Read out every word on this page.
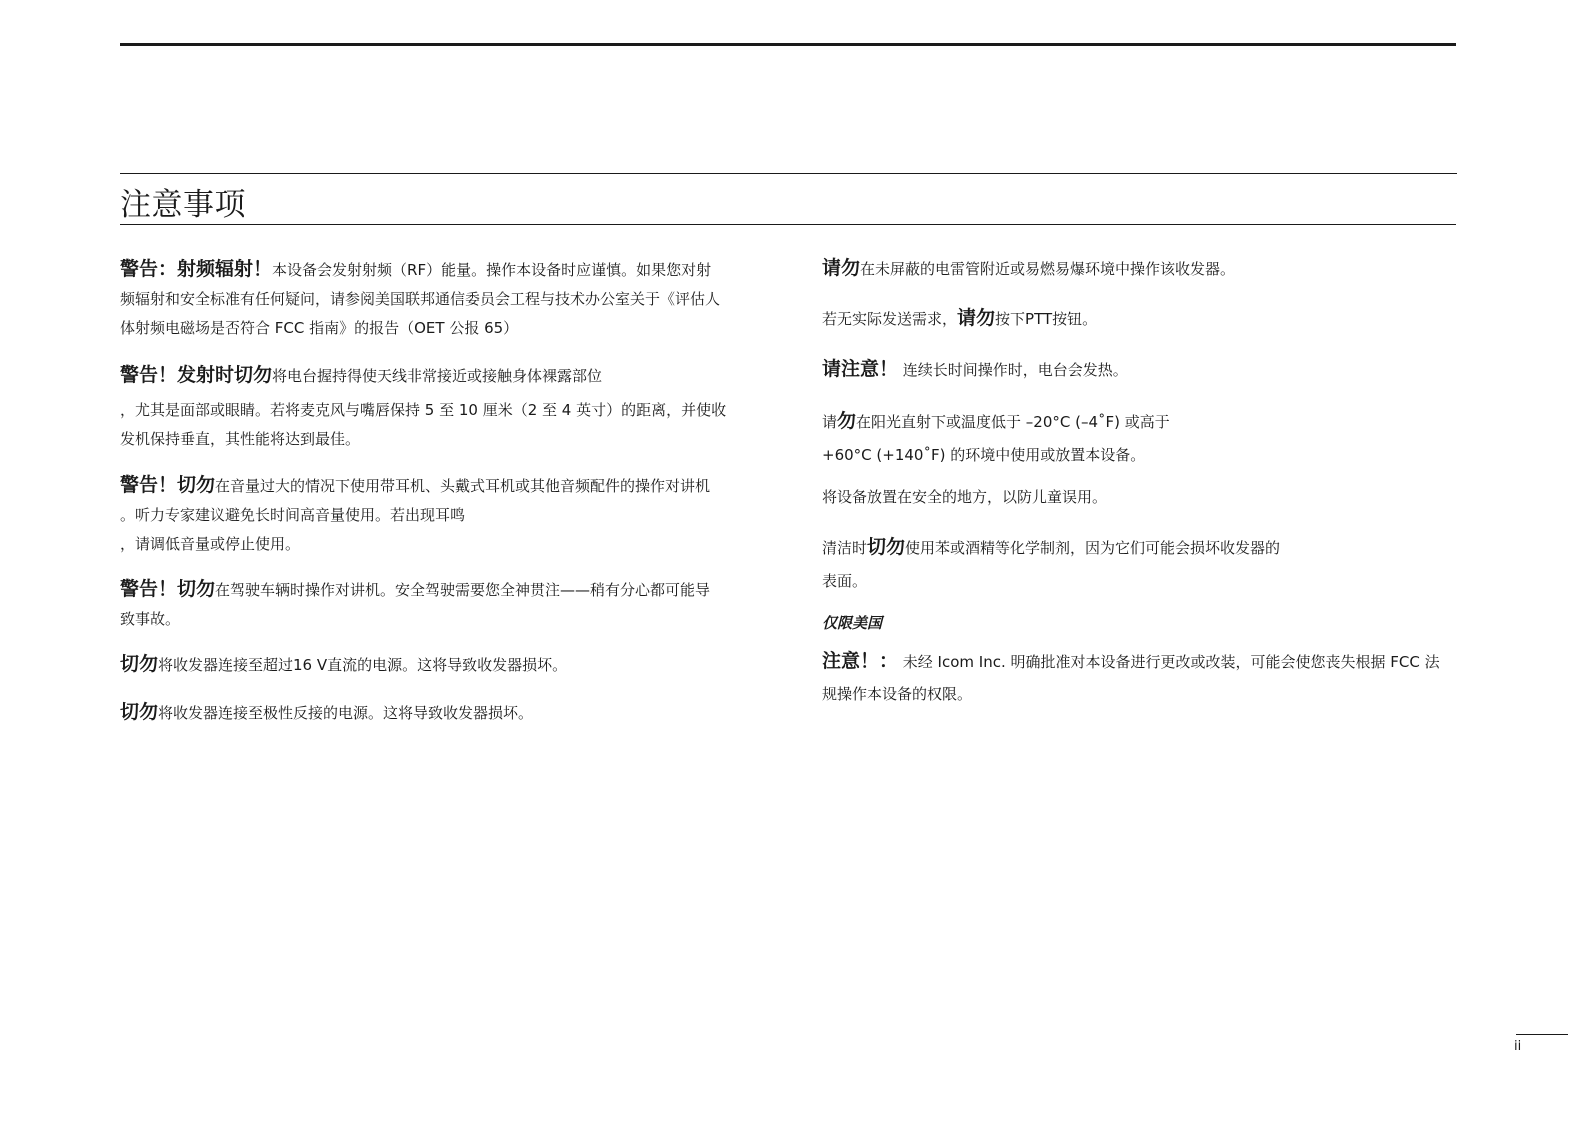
注意事项
警告：射频辐射！本设备会发射射频（RF）能量。操作本设备时应谨慎。如果您对射
频辐射和安全标准有任何疑问，请参阅美国联邦通信委员会工程与技术办公室关于《评估人
体射频电磁场是否符合 FCC 指南》的报告（OET 公报 65）
警告！发射时切勿将电台握持得使天线非常接近或接触身体裸露部位
，尤其是面部或眼睛。若将麦克风与嘴唇保持 5 至 10 厘米（2 至 4 英寸）的距离，并使收
发机保持垂直，其性能将达到最佳。
警告！切勿在音量过大的情况下使用带耳机、头戴式耳机或其他音频配件的操作对讲机
。听力专家建议避免长时间高音量使用。若出现耳鸣
，请调低音量或停止使用。
警告！切勿在驾驶车辆时操作对讲机。安全驾驶需要您全神贯注——稍有分心都可能导
致事故。
切勿将收发器连接至超过16 V直流的电源。这将导致收发器损坏。
切勿将收发器连接至极性反接的电源。这将导致收发器损坏。
请勿在未屏蔽的电雷管附近或易燃易爆环境中操作该收发器。
若无实际发送需求，请勿按下PTT按钮。
请注意！ 连续长时间操作时，电台会发热。
请勿在阳光直射下或温度低于 –20°C (–4˚F) 或高于
+60°C (+140˚F) 的环境中使用或放置本设备。
将设备放置在安全的地方，以防儿童误用。
清洁时切勿使用苯或酒精等化学制剂，因为它们可能会损坏收发器的
表面。
仅限美国
注意！： 未经 Icom Inc. 明确批准对本设备进行更改或改装，可能会使您丧失根据 FCC 法
规操作本设备的权限。
ii
